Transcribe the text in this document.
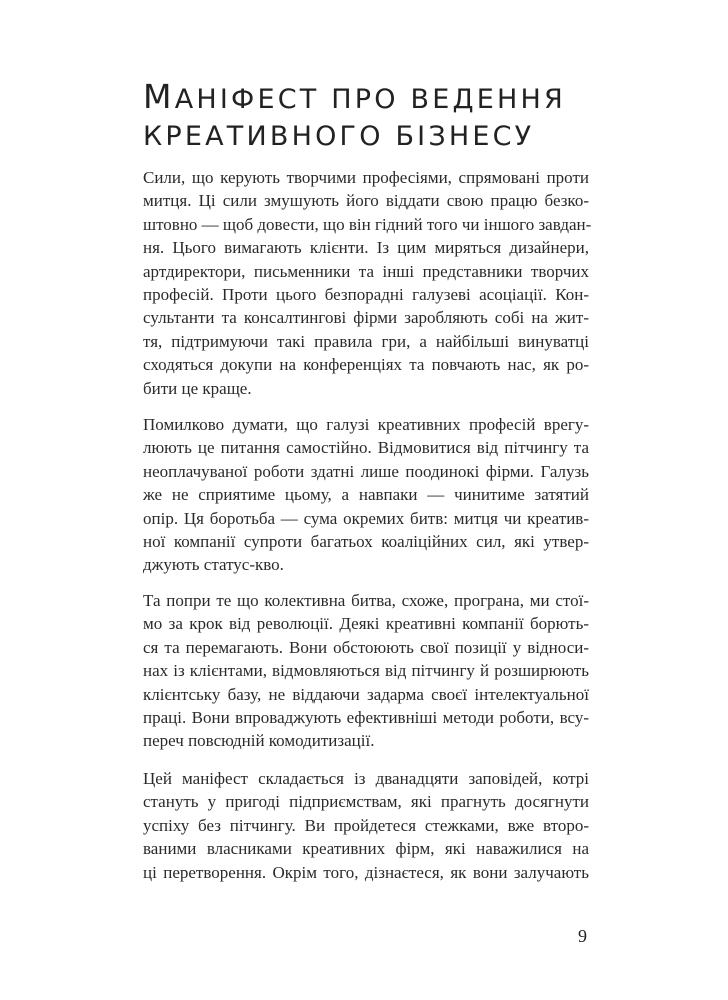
МАНІФЕСТ ПРО ВЕДЕННЯ
КРЕАТИВНОГО БІЗНЕСУ
Сили, що керують творчими професіями, спрямовані проти
митця. Ці сили змушують його віддати свою працю безко-
штовно — щоб довести, що він гідний того чи іншого завдан-
ня. Цього вимагають клієнти. Із цим миряться дизайнери,
артдиректори, письменники та інші представники творчих
професій. Проти цього безпорадні галузеві асоціації. Кон-
сультанти та консалтингові фірми заробляють собі на жит-
тя, підтримуючи такі правила гри, а найбільші винуватці
сходяться докупи на конференціях та повчають нас, як ро-
бити це краще.
Помилково думати, що галузі креативних професій врегу-
люють це питання самостійно. Відмовитися від пітчингу та
неоплачуваної роботи здатні лише поодинокі фірми. Галузь
же не сприятиме цьому, а навпаки — чинитиме затятий
опір. Ця боротьба — сума окремих битв: митця чи креатив-
ної компанії супроти багатьох коаліційних сил, які утвер-
джують статус-кво.
Та попри те що колективна битва, схоже, програна, ми стої-
мо за крок від революції. Деякі креативні компанії борють-
ся та перемагають. Вони обстоюють свої позиції у відноси-
нах із клієнтами, відмовляються від пітчингу й розширюють
клієнтську базу, не віддаючи задарма своєї інтелектуальної
праці. Вони впроваджують ефективніші методи роботи, всу-
переч повсюдній комодитизації.
Цей маніфест складається із дванадцяти заповідей, котрі
стануть у пригоді підприємствам, які прагнуть досягнути
успіху без пітчингу. Ви пройдетеся стежками, вже второ-
ваними власниками креативних фірм, які наважилися на
ці перетворення. Окрім того, дізнаєтеся, як вони залучають
9
